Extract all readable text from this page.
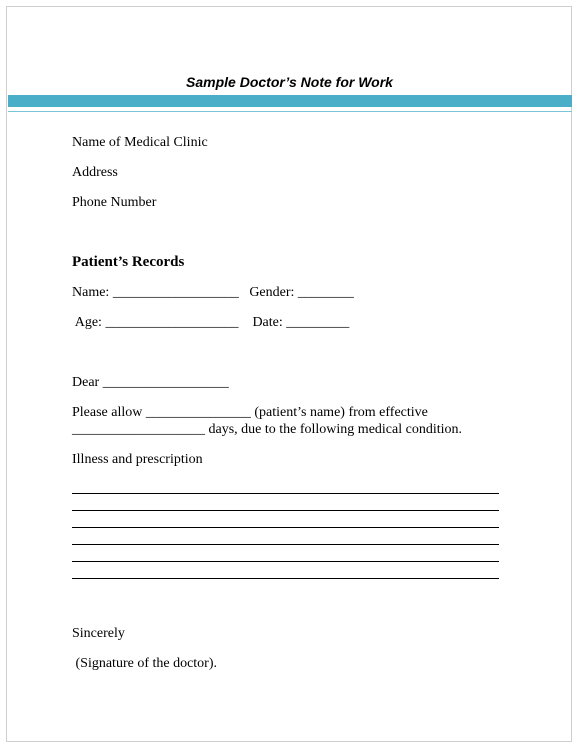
Sample Doctor’s Note for Work
Name of Medical Clinic
Address
Phone Number
Patient’s Records
Name: __________________   Gender: ________
Age: ___________________    Date: _________
Dear __________________
Please allow _______________ (patient’s name) from effective
___________________ days, due to the following medical condition.
Illness and prescription
Sincerely
(Signature of the doctor).
